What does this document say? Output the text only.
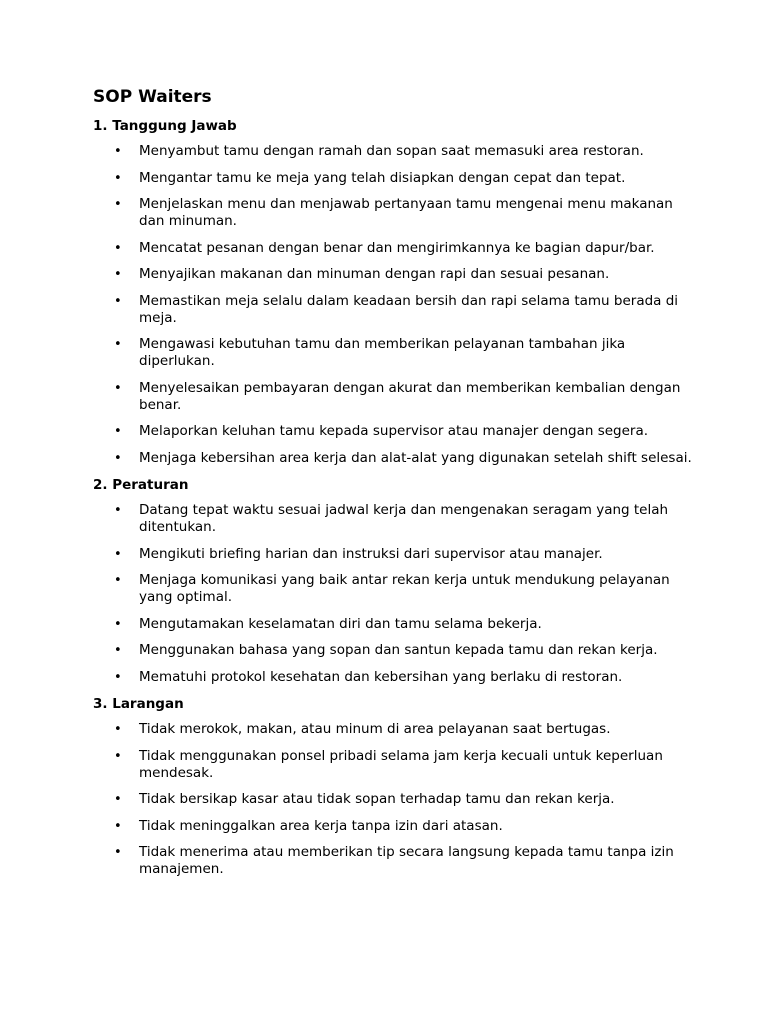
SOP Waiters
1. Tanggung Jawab
• Menyambut tamu dengan ramah dan sopan saat memasuki area restoran.
• Mengantar tamu ke meja yang telah disiapkan dengan cepat dan tepat.
• Menjelaskan menu dan menjawab pertanyaan tamu mengenai menu makanan dan minuman.
• Mencatat pesanan dengan benar dan mengirimkannya ke bagian dapur/bar.
• Menyajikan makanan dan minuman dengan rapi dan sesuai pesanan.
• Memastikan meja selalu dalam keadaan bersih dan rapi selama tamu berada di meja.
• Mengawasi kebutuhan tamu dan memberikan pelayanan tambahan jika diperlukan.
• Menyelesaikan pembayaran dengan akurat dan memberikan kembalian dengan benar.
• Melaporkan keluhan tamu kepada supervisor atau manajer dengan segera.
• Menjaga kebersihan area kerja dan alat-alat yang digunakan setelah shift selesai.
2. Peraturan
• Datang tepat waktu sesuai jadwal kerja dan mengenakan seragam yang telah ditentukan.
• Mengikuti briefing harian dan instruksi dari supervisor atau manajer.
• Menjaga komunikasi yang baik antar rekan kerja untuk mendukung pelayanan yang optimal.
• Mengutamakan keselamatan diri dan tamu selama bekerja.
• Menggunakan bahasa yang sopan dan santun kepada tamu dan rekan kerja.
• Mematuhi protokol kesehatan dan kebersihan yang berlaku di restoran.
3. Larangan
• Tidak merokok, makan, atau minum di area pelayanan saat bertugas.
• Tidak menggunakan ponsel pribadi selama jam kerja kecuali untuk keperluan mendesak.
• Tidak bersikap kasar atau tidak sopan terhadap tamu dan rekan kerja.
• Tidak meninggalkan area kerja tanpa izin dari atasan.
• Tidak menerima atau memberikan tip secara langsung kepada tamu tanpa izin manajemen.
